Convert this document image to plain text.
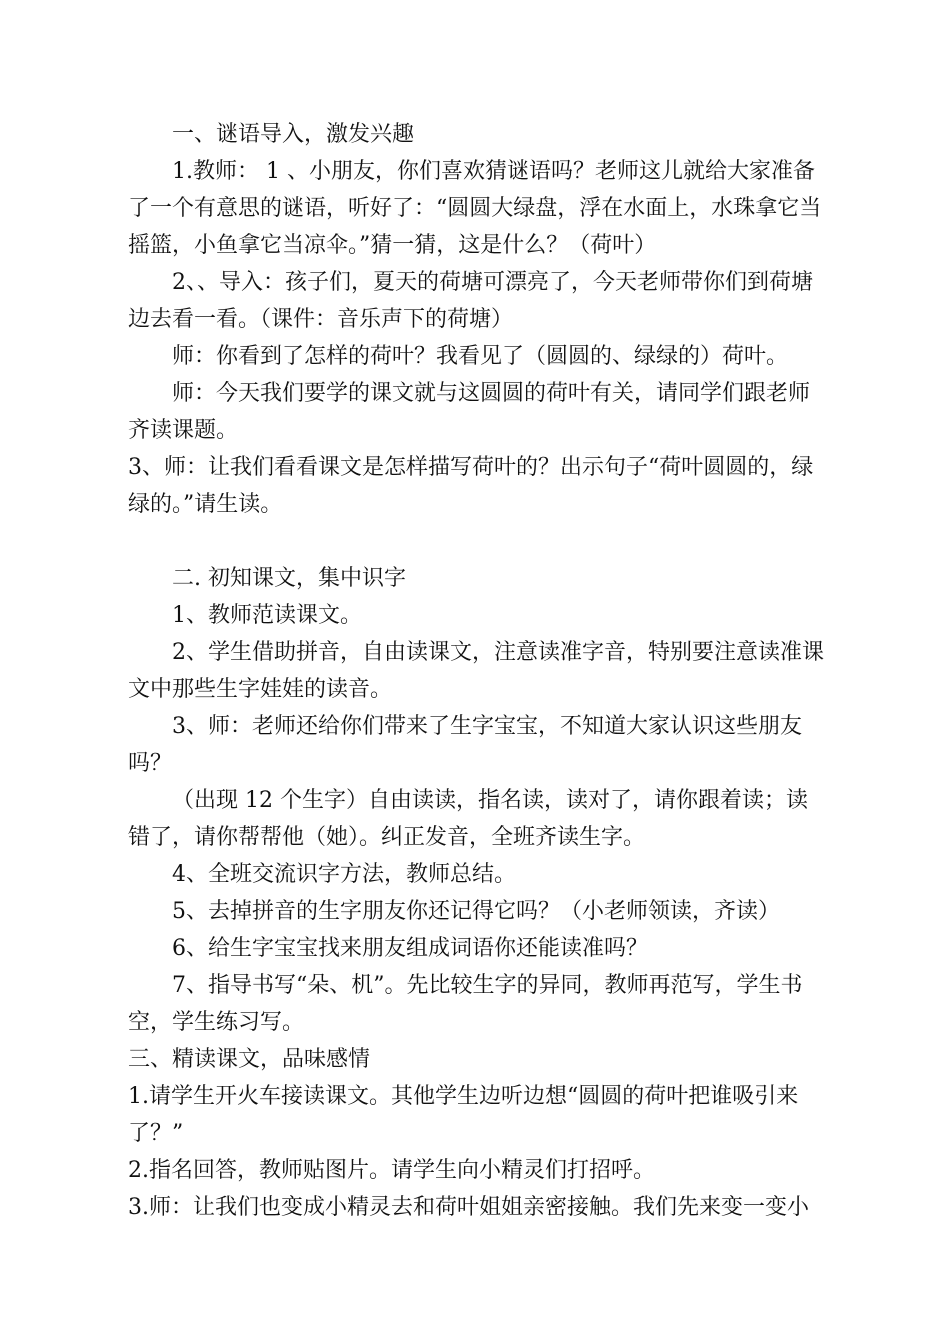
一、谜语导入，激发兴趣

1.教师： 1 、小朋友，你们喜欢猜谜语吗？老师这儿就给大家准备了一个有意思的谜语，听好了：“圆圆大绿盘，浮在水面上，水珠拿它当摇篮，小鱼拿它当凉伞。”猜一猜，这是什么？（荷叶）

2、、导入：孩子们，夏天的荷塘可漂亮了，今天老师带你们到荷塘边去看一看。（课件：音乐声下的荷塘）

师：你看到了怎样的荷叶？我看见了（圆圆的、绿绿的）荷叶。

师：今天我们要学的课文就与这圆圆的荷叶有关，请同学们跟老师齐读课题。

3、师：让我们看看课文是怎样描写荷叶的？出示句子“荷叶圆圆的，绿绿的。”请生读。

二. 初知课文，集中识字

1、教师范读课文。

2、学生借助拼音，自由读课文，注意读准字音，特别要注意读准课文中那些生字娃娃的读音。

3、师：老师还给你们带来了生字宝宝，不知道大家认识这些朋友吗？

（出现 12 个生字）自由读读，指名读，读对了，请你跟着读；读错了，请你帮帮他（她）。纠正发音，全班齐读生字。

4、全班交流识字方法，教师总结。

5、去掉拼音的生字朋友你还记得它吗？（小老师领读，齐读）

6、给生字宝宝找来朋友组成词语你还能读准吗？

7、指导书写“朵、机”。先比较生字的异同，教师再范写，学生书空，学生练习写。

三、精读课文，品味感情

1.请学生开火车接读课文。其他学生边听边想“圆圆的荷叶把谁吸引来了？”

2.指名回答，教师贴图片。请学生向小精灵们打招呼。

3.师：让我们也变成小精灵去和荷叶姐姐亲密接触。我们先来变一变小
